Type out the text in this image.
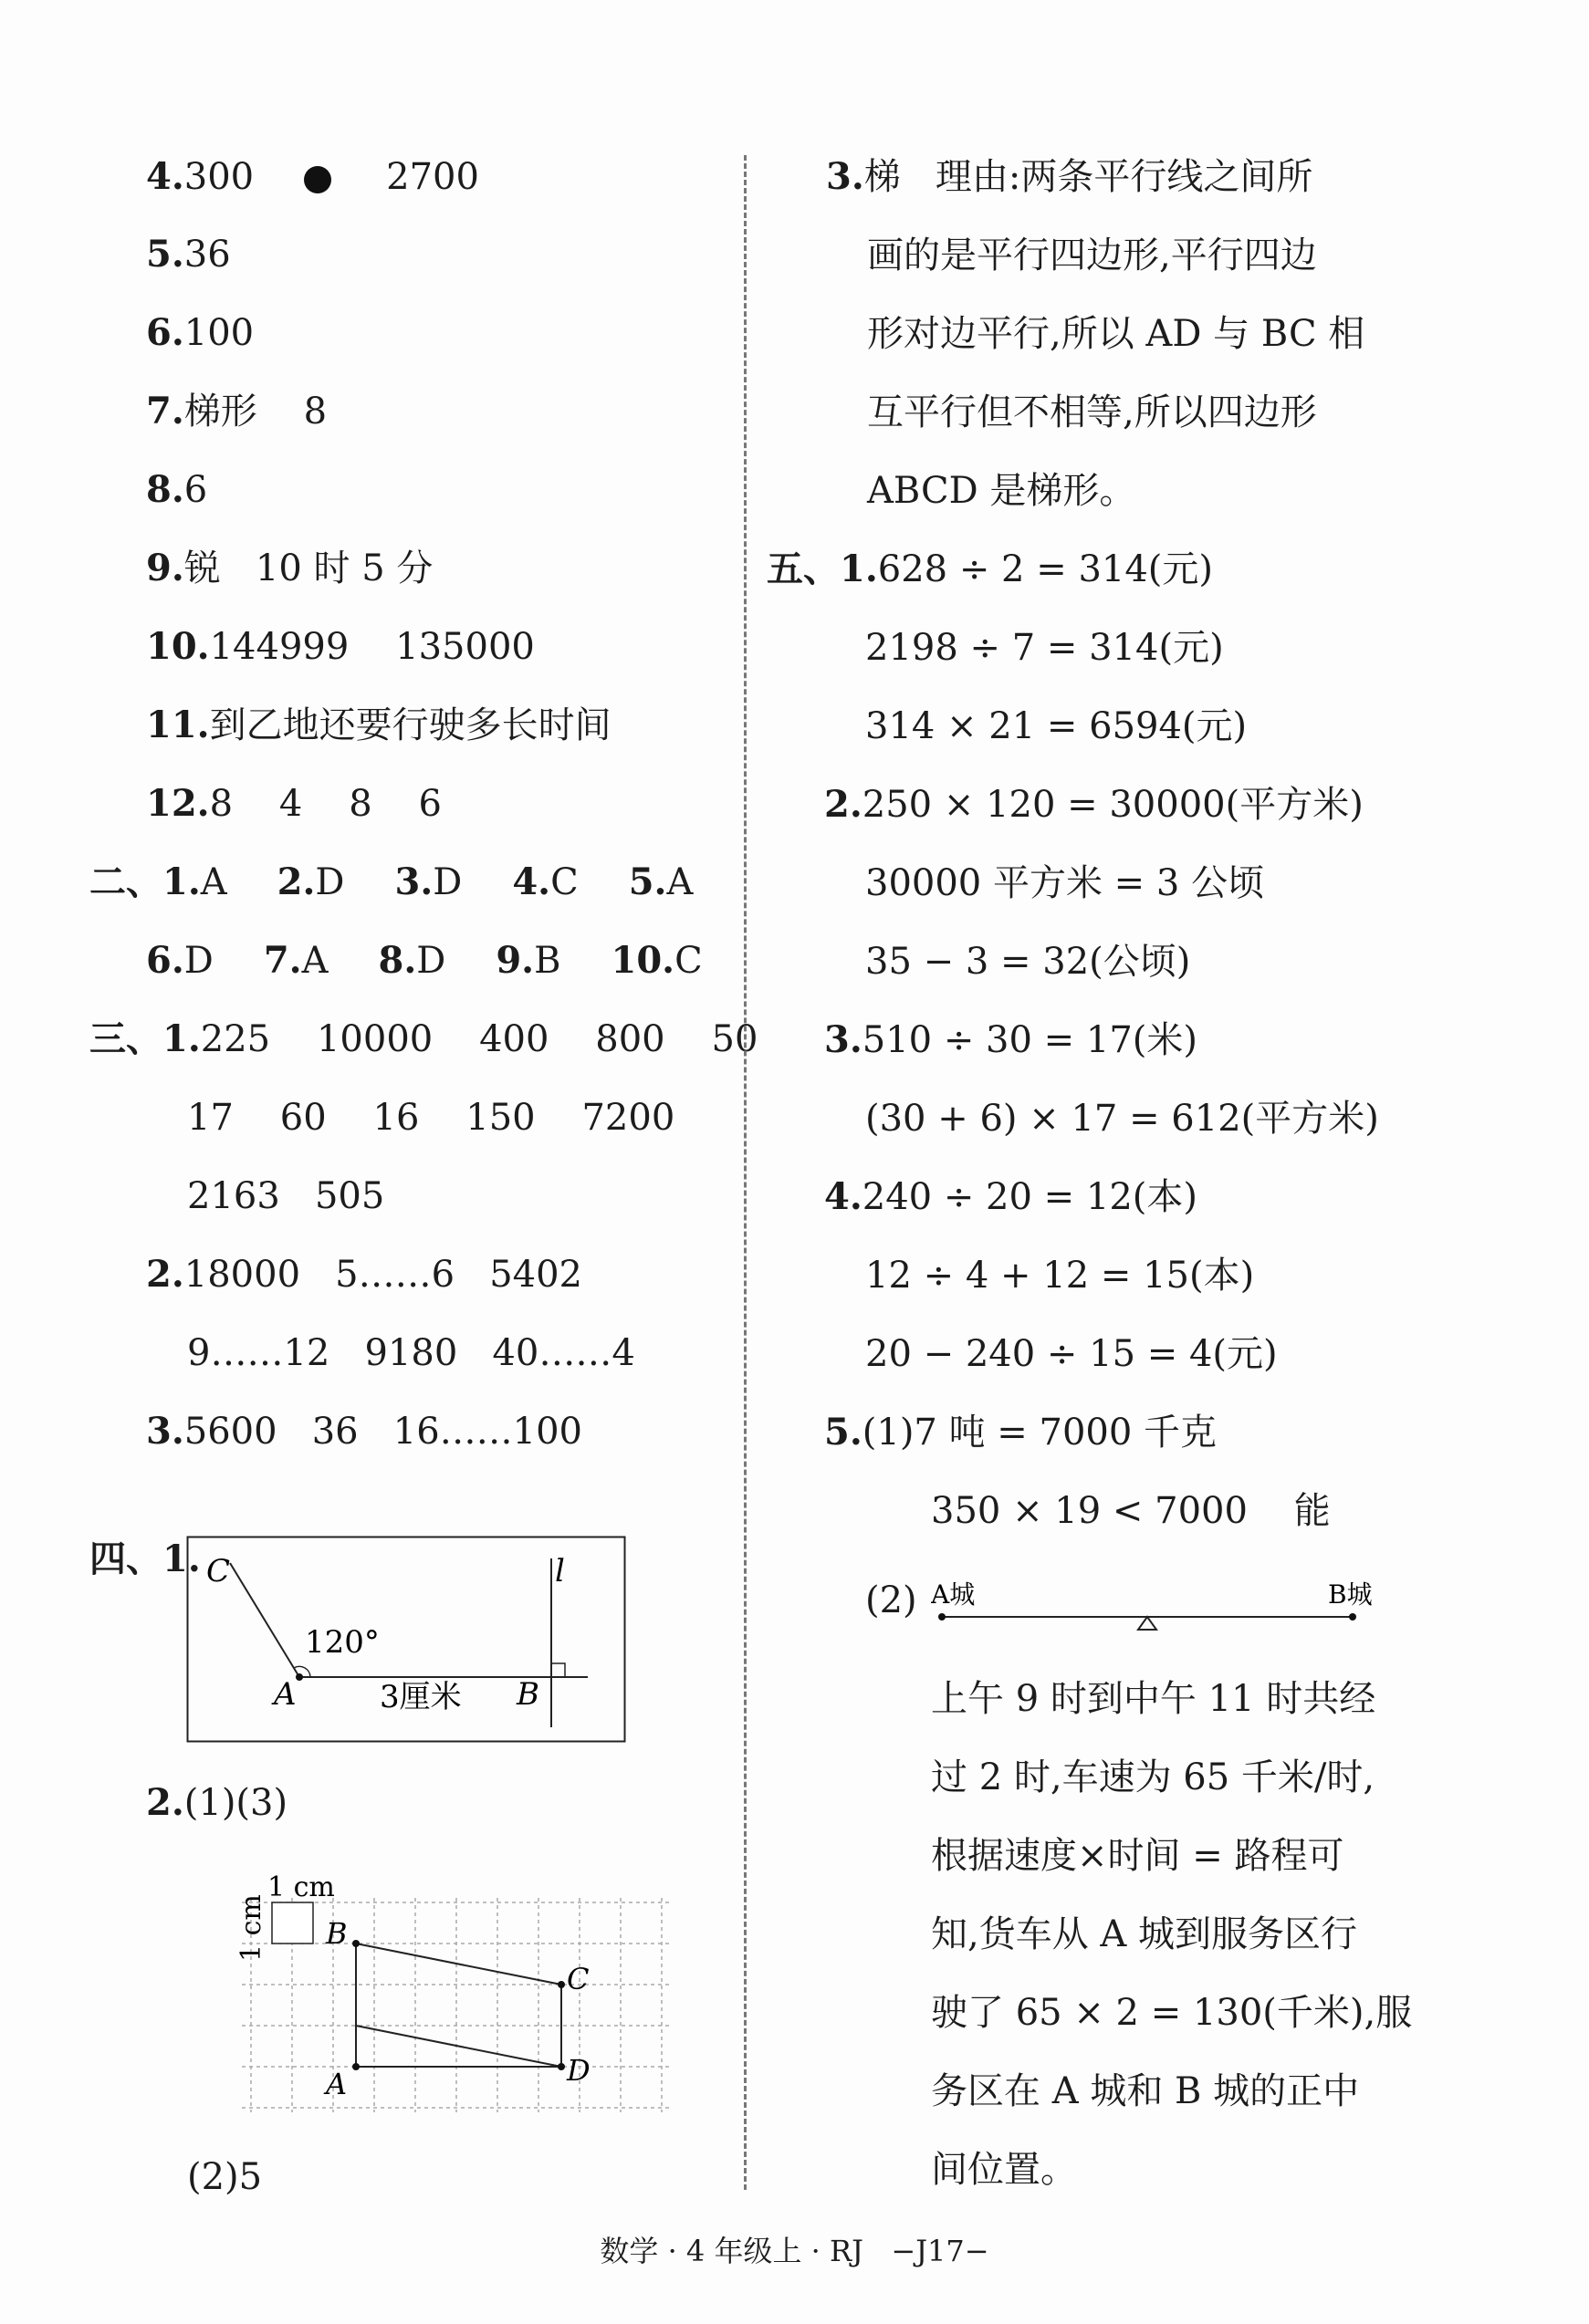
4.300	2700
5.36
6.100
7.梯形    8
8.6
9.锐   10 时 5 分
10.144999    135000
11.到乙地还要行驶多长时间
12.8    4    8    6
二、1.A 2.D 3.D 4.C 5.A
6.D 7.A 8.D 9.B 10.C
三、1.225    10000    400    800    50
17    60    16    150    7200
2163   505
2.18000   5……6   5402
9……12   9180   40……4
3.5600   36   16……100
四、1. C
120°
A	3厘米 B
l
2.(1)(3)
1 cm
1 cm B
C
D
A
(2)5
3.梯   理由:两条平行线之间所
画的是平行四边形,平行四边
形对边平行,所以 AD 与 BC 相
互平行但不相等,所以四边形
ABCD 是梯形。
五、1.628 ÷ 2 = 314(元)
2198 ÷ 7 = 314(元)
314 × 21 = 6594(元)
2.250 × 120 = 30000(平方米)
30000 平方米 = 3 公顷
35 − 3 = 32(公顷)
3.510 ÷ 30 = 17(米)
(30 + 6) × 17 = 612(平方米)
4.240 ÷ 20 = 12(本)
12 ÷ 4 + 12 = 15(本)
20 − 240 ÷ 15 = 4(元)
5.(1)7 吨 = 7000 千克
350 × 19 < 7000    能
(2) A城	B城
上午 9 时到中午 11 时共经
过 2 时,车速为 65 千米/时,
根据速度×时间 = 路程可
知,货车从 A 城到服务区行
驶了 65 × 2 = 130(千米),服
务区在 A 城和 B 城的正中
间位置。
数学 · 4 年级上 · RJ   −J17−
